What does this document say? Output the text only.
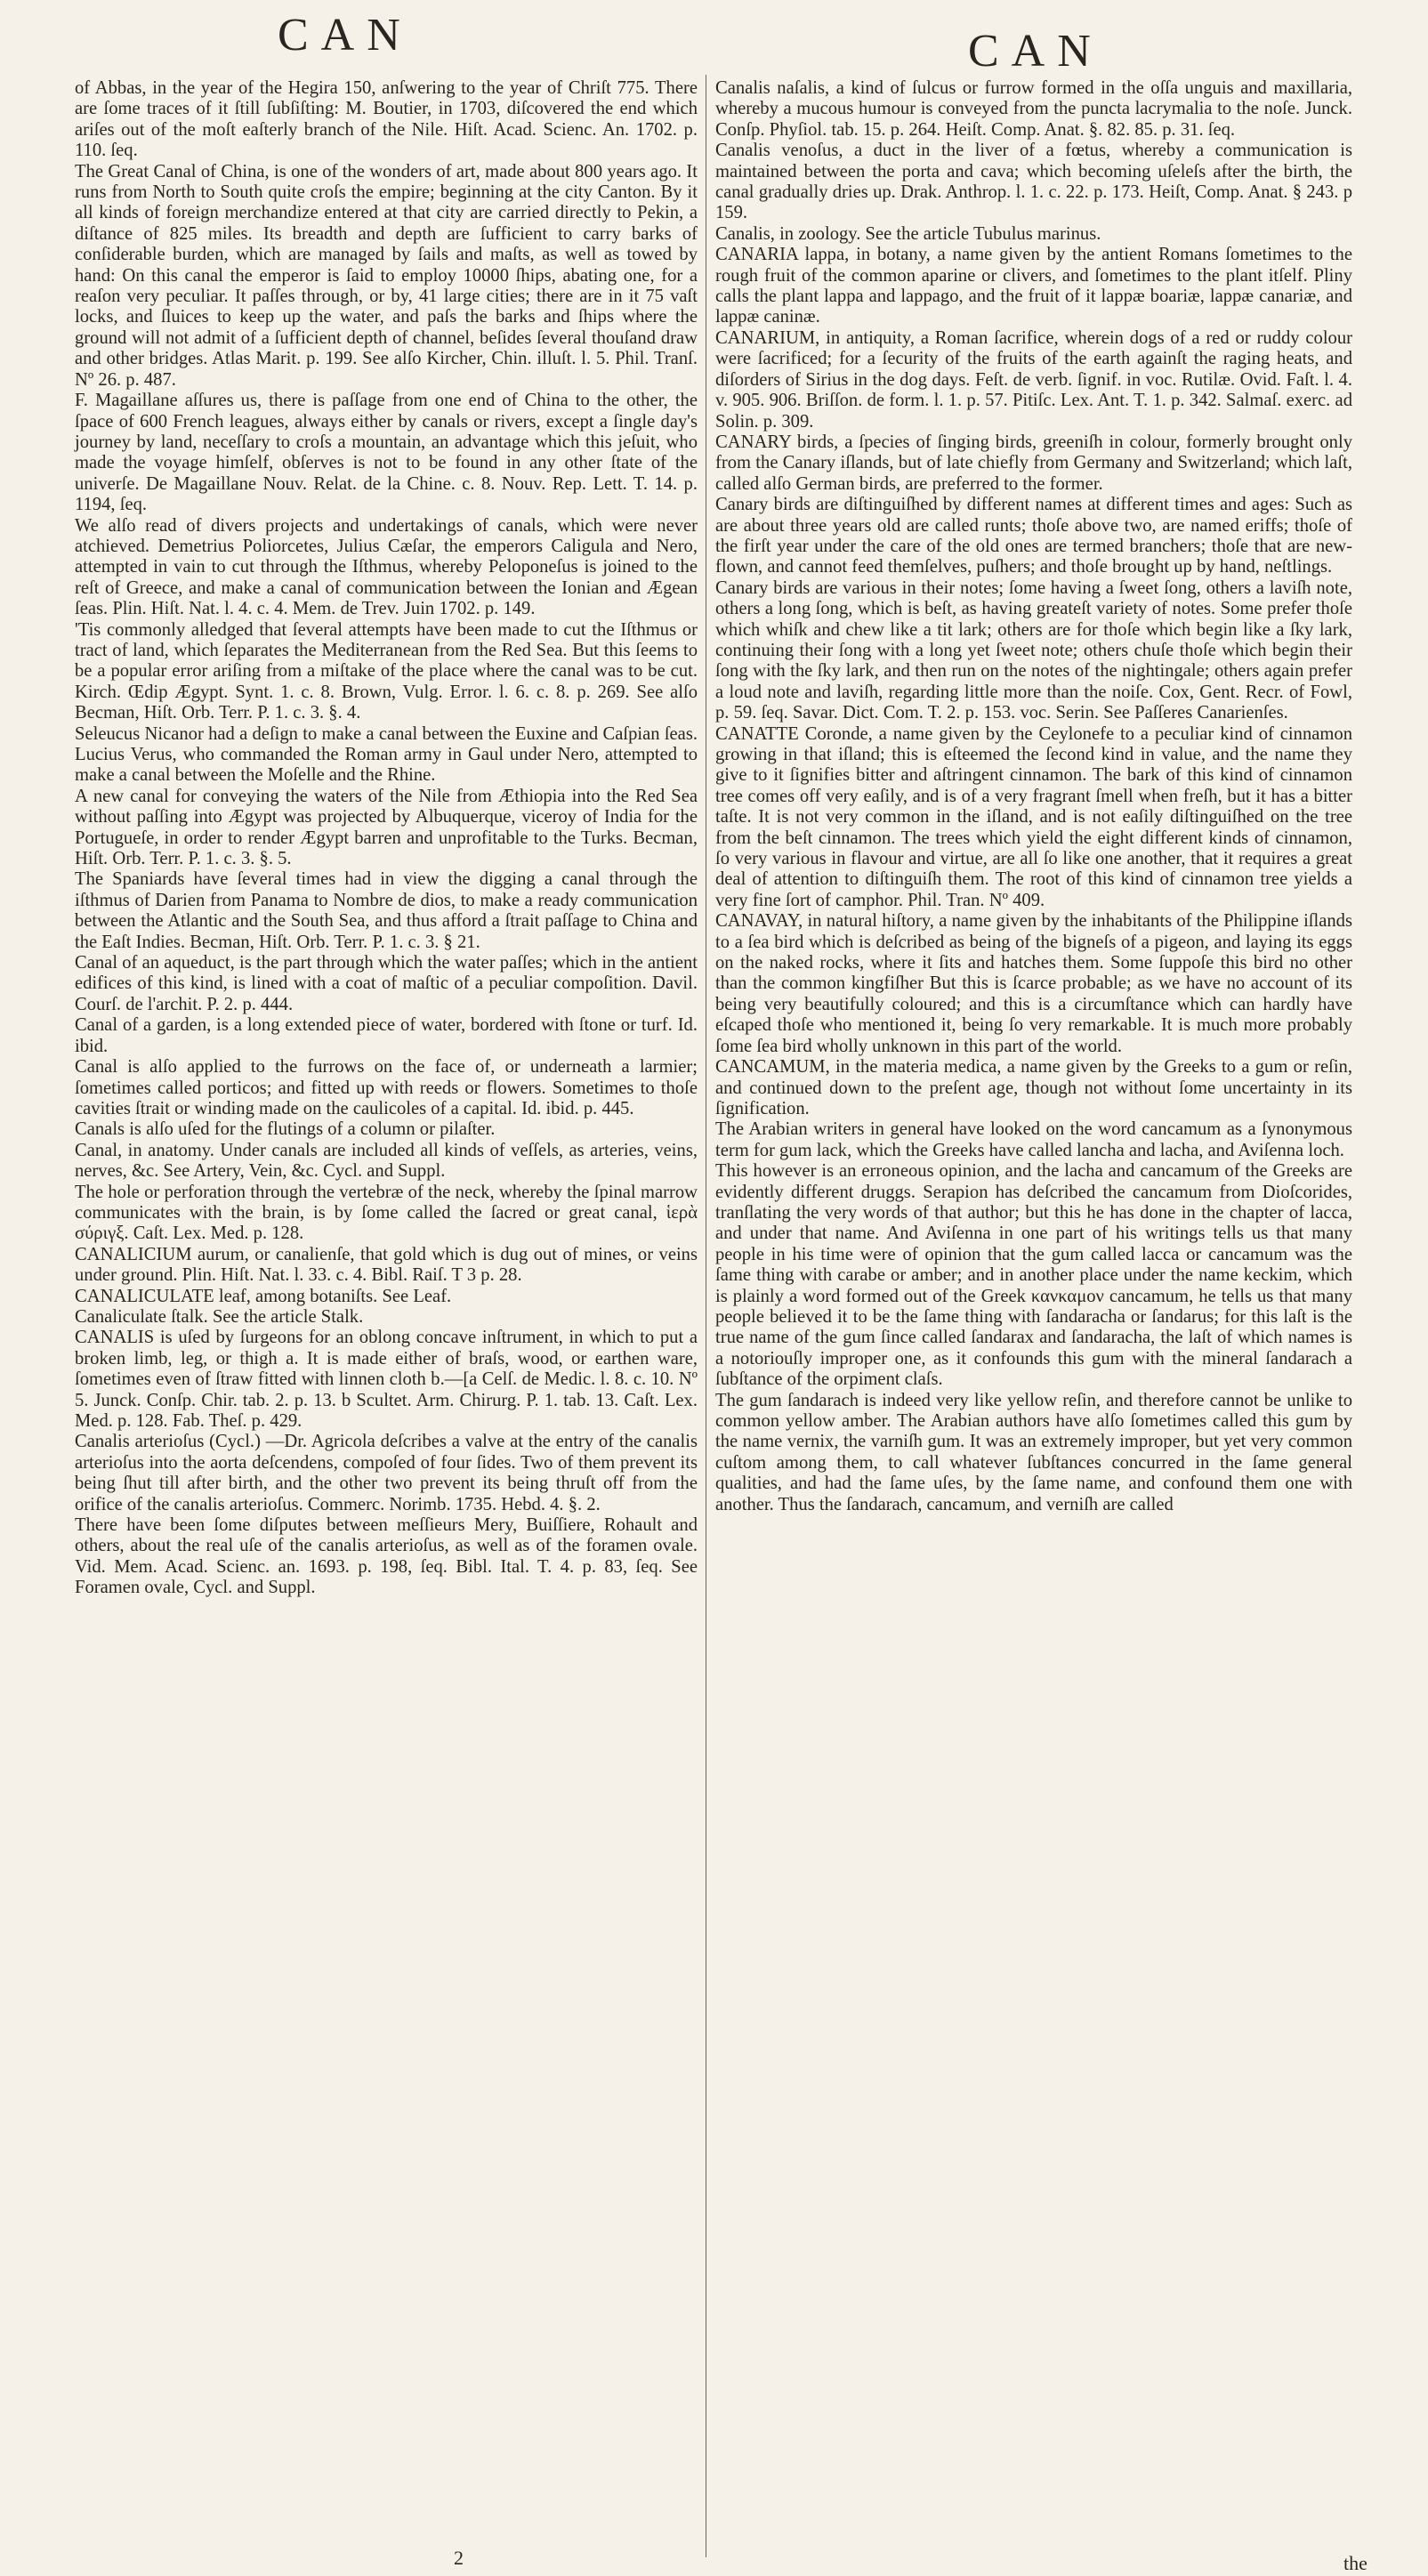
CAN	CAN

of Abbas, in the year of the Hegira 150, anſwering to the year of Chriſt 775. There are ſome traces of it ſtill ſubſiſting: M. Boutier, in 1703, diſcovered the end which ariſes out of the moſt eaſterly branch of the Nile. Hiſt. Acad. Scienc. An. 1702. p. 110. ſeq.

The Great Canal of China, is one of the wonders of art, made about 800 years ago. It runs from North to South quite croſs the empire; beginning at the city Canton. By it all kinds of foreign merchandize entered at that city are carried directly to Pekin, a diſtance of 825 miles. Its breadth and depth are ſufficient to carry barks of conſiderable burden, which are managed by ſails and maſts, as well as towed by hand: On this canal the emperor is ſaid to employ 10000 ſhips, abating one, for a reaſon very peculiar. It paſſes through, or by, 41 large cities; there are in it 75 vaſt locks, and ſluices to keep up the water, and paſs the barks and ſhips where the ground will not admit of a ſufficient depth of channel, beſides ſeveral thouſand draw and other bridges. Atlas Marit. p. 199. See alſo Kircher, Chin. illuſt. l. 5. Phil. Tranſ. Nº 26. p. 487.

F. Magaillane aſſures us, there is paſſage from one end of China to the other, the ſpace of 600 French leagues, always either by canals or rivers, except a ſingle day's journey by land, neceſſary to croſs a mountain, an advantage which this jeſuit, who made the voyage himſelf, obſerves is not to be found in any other ſtate of the univerſe. De Magaillane Nouv. Relat. de la Chine. c. 8. Nouv. Rep. Lett. T. 14. p. 1194, ſeq.

We alſo read of divers projects and undertakings of canals, which were never atchieved. Demetrius Poliorcetes, Julius Cæſar, the emperors Caligula and Nero, attempted in vain to cut through the Iſthmus, whereby Peloponeſus is joined to the reſt of Greece, and make a canal of communication between the Ionian and Ægean ſeas. Plin. Hiſt. Nat. l. 4. c. 4. Mem. de Trev. Juin 1702. p. 149.

'Tis commonly alledged that ſeveral attempts have been made to cut the Iſthmus or tract of land, which ſeparates the Mediterranean from the Red Sea. But this ſeems to be a popular error ariſing from a miſtake of the place where the canal was to be cut. Kirch. Œdip Ægypt. Synt. 1. c. 8. Brown, Vulg. Error. l. 6. c. 8. p. 269. See alſo Becman, Hiſt. Orb. Terr. P. 1. c. 3. §. 4.

Seleucus Nicanor had a deſign to make a canal between the Euxine and Caſpian ſeas. Lucius Verus, who commanded the Roman army in Gaul under Nero, attempted to make a canal between the Moſelle and the Rhine.

A new canal for conveying the waters of the Nile from Æthiopia into the Red Sea without paſſing into Ægypt was projected by Albuquerque, viceroy of India for the Portugueſe, in order to render Ægypt barren and unprofitable to the Turks. Becman, Hiſt. Orb. Terr. P. 1. c. 3. §. 5.

The Spaniards have ſeveral times had in view the digging a canal through the iſthmus of Darien from Panama to Nombre de dios, to make a ready communication between the Atlantic and the South Sea, and thus afford a ſtrait paſſage to China and the Eaſt Indies. Becman, Hiſt. Orb. Terr. P. 1. c. 3. § 21.

Canal of an aqueduct, is the part through which the water paſſes; which in the antient edifices of this kind, is lined with a coat of maſtic of a peculiar compoſition. Davil. Courſ. de l'archit. P. 2. p. 444.

Canal of a garden, is a long extended piece of water, bordered with ſtone or turf. Id. ibid.

Canal is alſo applied to the furrows on the face of, or underneath a larmier; ſometimes called porticos; and fitted up with reeds or flowers. Sometimes to thoſe cavities ſtrait or winding made on the caulicoles of a capital. Id. ibid. p. 445.

Canals is alſo uſed for the flutings of a column or pilaſter.

Canal, in anatomy. Under canals are included all kinds of veſſels, as arteries, veins, nerves, &c. See Artery, Vein, &c. Cycl. and Suppl.

The hole or perforation through the vertebræ of the neck, whereby the ſpinal marrow communicates with the brain, is by ſome called the ſacred or great canal, ἱερὰ σύριγξ. Caſt. Lex. Med. p. 128.

CANALICIUM aurum, or canalienſe, that gold which is dug out of mines, or veins under ground. Plin. Hiſt. Nat. l. 33. c. 4. Bibl. Raiſ. T 3 p. 28.

CANALICULATE leaf, among botaniſts. See Leaf.

Canaliculate ſtalk. See the article Stalk.

CANALIS is uſed by ſurgeons for an oblong concave inſtrument, in which to put a broken limb, leg, or thigh a. It is made either of braſs, wood, or earthen ware, ſometimes even of ſtraw fitted with linnen cloth b.—[a Celſ. de Medic. l. 8. c. 10. Nº 5. Junck. Conſp. Chir. tab. 2. p. 13. b Scultet. Arm. Chirurg. P. 1. tab. 13. Caſt. Lex. Med. p. 128. Fab. Theſ. p. 429.

Canalis arterioſus (Cycl.) —Dr. Agricola deſcribes a valve at the entry of the canalis arterioſus into the aorta deſcendens, compoſed of four ſides. Two of them prevent its being ſhut till after birth, and the other two prevent its being thruſt off from the orifice of the canalis arterioſus. Commerc. Norimb. 1735. Hebd. 4. §. 2.

There have been ſome diſputes between meſſieurs Mery, Buiſſiere, Rohault and others, about the real uſe of the canalis arterioſus, as well as of the foramen ovale. Vid. Mem. Acad. Scienc. an. 1693. p. 198, ſeq. Bibl. Ital. T. 4. p. 83, ſeq. See Foramen ovale, Cycl. and Suppl.

Canalis naſalis, a kind of ſulcus or furrow formed in the oſſa unguis and maxillaria, whereby a mucous humour is conveyed from the puncta lacrymalia to the noſe. Junck. Conſp. Phyſiol. tab. 15. p. 264. Heiſt. Comp. Anat. §. 82. 85. p. 31. ſeq.

Canalis venoſus, a duct in the liver of a fœtus, whereby a communication is maintained between the porta and cava; which becoming uſeleſs after the birth, the canal gradually dries up. Drak. Anthrop. l. 1. c. 22. p. 173. Heiſt, Comp. Anat. § 243. p 159.

Canalis, in zoology. See the article Tubulus marinus.

CANARIA lappa, in botany, a name given by the antient Romans ſometimes to the rough fruit of the common aparine or clivers, and ſometimes to the plant itſelf. Pliny calls the plant lappa and lappago, and the fruit of it lappæ boariæ, lappæ canariæ, and lappæ caninæ.

CANARIUM, in antiquity, a Roman ſacrifice, wherein dogs of a red or ruddy colour were ſacrificed; for a ſecurity of the fruits of the earth againſt the raging heats, and diſorders of Sirius in the dog days. Feſt. de verb. ſignif. in voc. Rutilæ. Ovid. Faſt. l. 4. v. 905. 906. Briſſon. de form. l. 1. p. 57. Pitiſc. Lex. Ant. T. 1. p. 342. Salmaſ. exerc. ad Solin. p. 309.

CANARY birds, a ſpecies of ſinging birds, greeniſh in colour, formerly brought only from the Canary iſlands, but of late chiefly from Germany and Switzerland; which laſt, called alſo German birds, are preferred to the former.

Canary birds are diſtinguiſhed by different names at different times and ages: Such as are about three years old are called runts; thoſe above two, are named eriffs; thoſe of the firſt year under the care of the old ones are termed branchers; thoſe that are new-flown, and cannot feed themſelves, puſhers; and thoſe brought up by hand, neſtlings.

Canary birds are various in their notes; ſome having a ſweet ſong, others a laviſh note, others a long ſong, which is beſt, as having greateſt variety of notes. Some prefer thoſe which whiſk and chew like a tit lark; others are for thoſe which begin like a ſky lark, continuing their ſong with a long yet ſweet note; others chuſe thoſe which begin their ſong with the ſky lark, and then run on the notes of the nightingale; others again prefer a loud note and laviſh, regarding little more than the noiſe. Cox, Gent. Recr. of Fowl, p. 59. ſeq. Savar. Dict. Com. T. 2. p. 153. voc. Serin. See Paſſeres Canarienſes.

CANATTE Coronde, a name given by the Ceylonefe to a peculiar kind of cinnamon growing in that iſland; this is eſteemed the ſecond kind in value, and the name they give to it ſignifies bitter and aſtringent cinnamon. The bark of this kind of cinnamon tree comes off very eaſily, and is of a very fragrant ſmell when freſh, but it has a bitter taſte. It is not very common in the iſland, and is not eaſily diſtinguiſhed on the tree from the beſt cinnamon. The trees which yield the eight different kinds of cinnamon, ſo very various in flavour and virtue, are all ſo like one another, that it requires a great deal of attention to diſtinguiſh them. The root of this kind of cinnamon tree yields a very fine ſort of camphor. Phil. Tran. Nº 409.

CANAVAY, in natural hiſtory, a name given by the inhabitants of the Philippine iſlands to a ſea bird which is deſcribed as being of the bigneſs of a pigeon, and laying its eggs on the naked rocks, where it ſits and hatches them. Some ſuppoſe this bird no other than the common kingfiſher But this is ſcarce probable; as we have no account of its being very beautifully coloured; and this is a circumſtance which can hardly have eſcaped thoſe who mentioned it, being ſo very remarkable. It is much more probably ſome ſea bird wholly unknown in this part of the world.

CANCAMUM, in the materia medica, a name given by the Greeks to a gum or reſin, and continued down to the preſent age, though not without ſome uncertainty in its ſignification.

The Arabian writers in general have looked on the word cancamum as a ſynonymous term for gum lack, which the Greeks have called lancha and lacha, and Aviſenna loch.

This however is an erroneous opinion, and the lacha and cancamum of the Greeks are evidently different druggs. Serapion has deſcribed the cancamum from Dioſcorides, tranſlating the very words of that author; but this he has done in the chapter of lacca, and under that name. And Aviſenna in one part of his writings tells us that many people in his time were of opinion that the gum called lacca or cancamum was the ſame thing with carabe or amber; and in another place under the name keckim, which is plainly a word formed out of the Greek κανκαμον cancamum, he tells us that many people believed it to be the ſame thing with ſandaracha or ſandarus; for this laſt is the true name of the gum ſince called ſandarax and ſandaracha, the laſt of which names is a notoriouſly improper one, as it confounds this gum with the mineral ſandarach a ſubſtance of the orpiment claſs.

The gum ſandarach is indeed very like yellow reſin, and therefore cannot be unlike to common yellow amber. The Arabian authors have alſo ſometimes called this gum by the name vernix, the varniſh gum. It was an extremely improper, but yet very common cuſtom among them, to call whatever ſubſtances concurred in the ſame general qualities, and had the ſame uſes, by the ſame name, and confound them one with another. Thus the ſandarach, cancamum, and verniſh are called

2	the
